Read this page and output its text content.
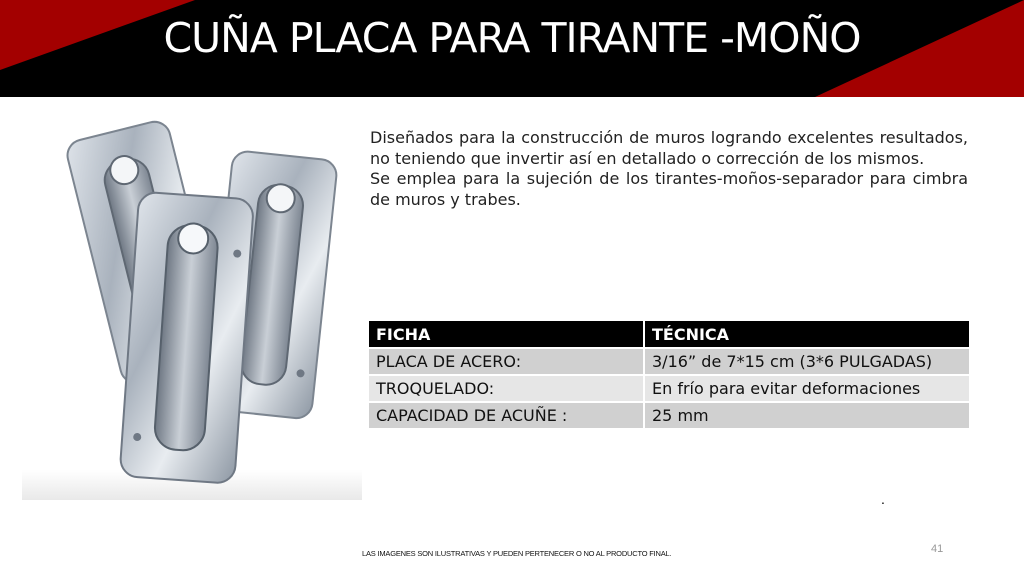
CUÑA PLACA PARA TIRANTE -MOÑO

Diseñados para la construcción de muros logrando excelentes resultados, no teniendo que invertir así en detallado o corrección de los mismos.

Se emplea para la sujeción de los tirantes-moños-separador para cimbra de muros y trabes.

FICHA	TÉCNICA
PLACA DE ACERO:	3/16” de 7*15 cm (3*6 PULGADAS)
TROQUELADO:	En frío para evitar deformaciones
CAPACIDAD DE ACUÑE :	25 mm
.
41
LAS IMAGENES SON ILUSTRATIVAS Y PUEDEN PERTENECER O NO AL PRODUCTO FINAL.
